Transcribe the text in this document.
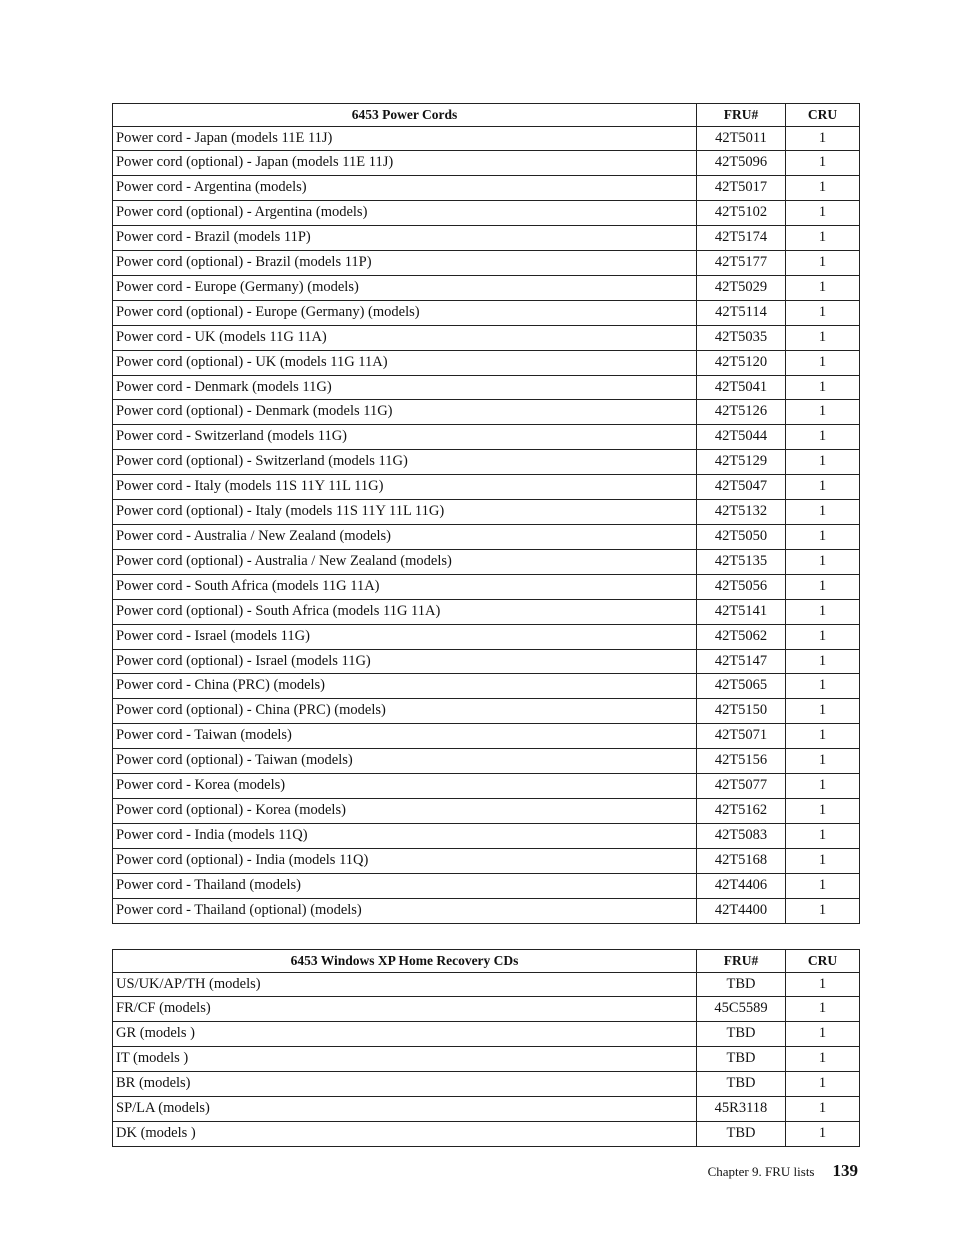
6453 Power Cords	FRU#	CRU
Power cord - Japan (models 11E 11J)	42T5011	1
Power cord (optional) - Japan (models 11E 11J)	42T5096	1
Power cord - Argentina (models)	42T5017	1
Power cord (optional) - Argentina (models)	42T5102	1
Power cord - Brazil (models 11P)	42T5174	1
Power cord (optional) - Brazil (models 11P)	42T5177	1
Power cord - Europe (Germany) (models)	42T5029	1
Power cord (optional) - Europe (Germany) (models)	42T5114	1
Power cord - UK (models 11G 11A)	42T5035	1
Power cord (optional) - UK (models 11G 11A)	42T5120	1
Power cord - Denmark (models 11G)	42T5041	1
Power cord (optional) - Denmark (models 11G)	42T5126	1
Power cord - Switzerland (models 11G)	42T5044	1
Power cord (optional) - Switzerland (models 11G)	42T5129	1
Power cord - Italy (models 11S 11Y 11L 11G)	42T5047	1
Power cord (optional) - Italy (models 11S 11Y 11L 11G)	42T5132	1
Power cord - Australia / New Zealand (models)	42T5050	1
Power cord (optional) - Australia / New Zealand (models)	42T5135	1
Power cord - South Africa (models 11G 11A)	42T5056	1
Power cord (optional) - South Africa (models 11G 11A)	42T5141	1
Power cord - Israel (models 11G)	42T5062	1
Power cord (optional) - Israel (models 11G)	42T5147	1
Power cord - China (PRC) (models)	42T5065	1
Power cord (optional) - China (PRC) (models)	42T5150	1
Power cord - Taiwan (models)	42T5071	1
Power cord (optional) - Taiwan (models)	42T5156	1
Power cord - Korea (models)	42T5077	1
Power cord (optional) - Korea (models)	42T5162	1
Power cord - India (models 11Q)	42T5083	1
Power cord (optional) - India (models 11Q)	42T5168	1
Power cord - Thailand (models)	42T4406	1
Power cord - Thailand (optional) (models)	42T4400	1
6453 Windows XP Home Recovery CDs	FRU#	CRU
US/UK/AP/TH (models)	TBD	1
FR/CF (models)	45C5589	1
GR (models )	TBD	1
IT (models )	TBD	1
BR (models)	TBD	1
SP/LA (models)	45R3118	1
DK (models )	TBD	1
Chapter 9. FRU lists 139
